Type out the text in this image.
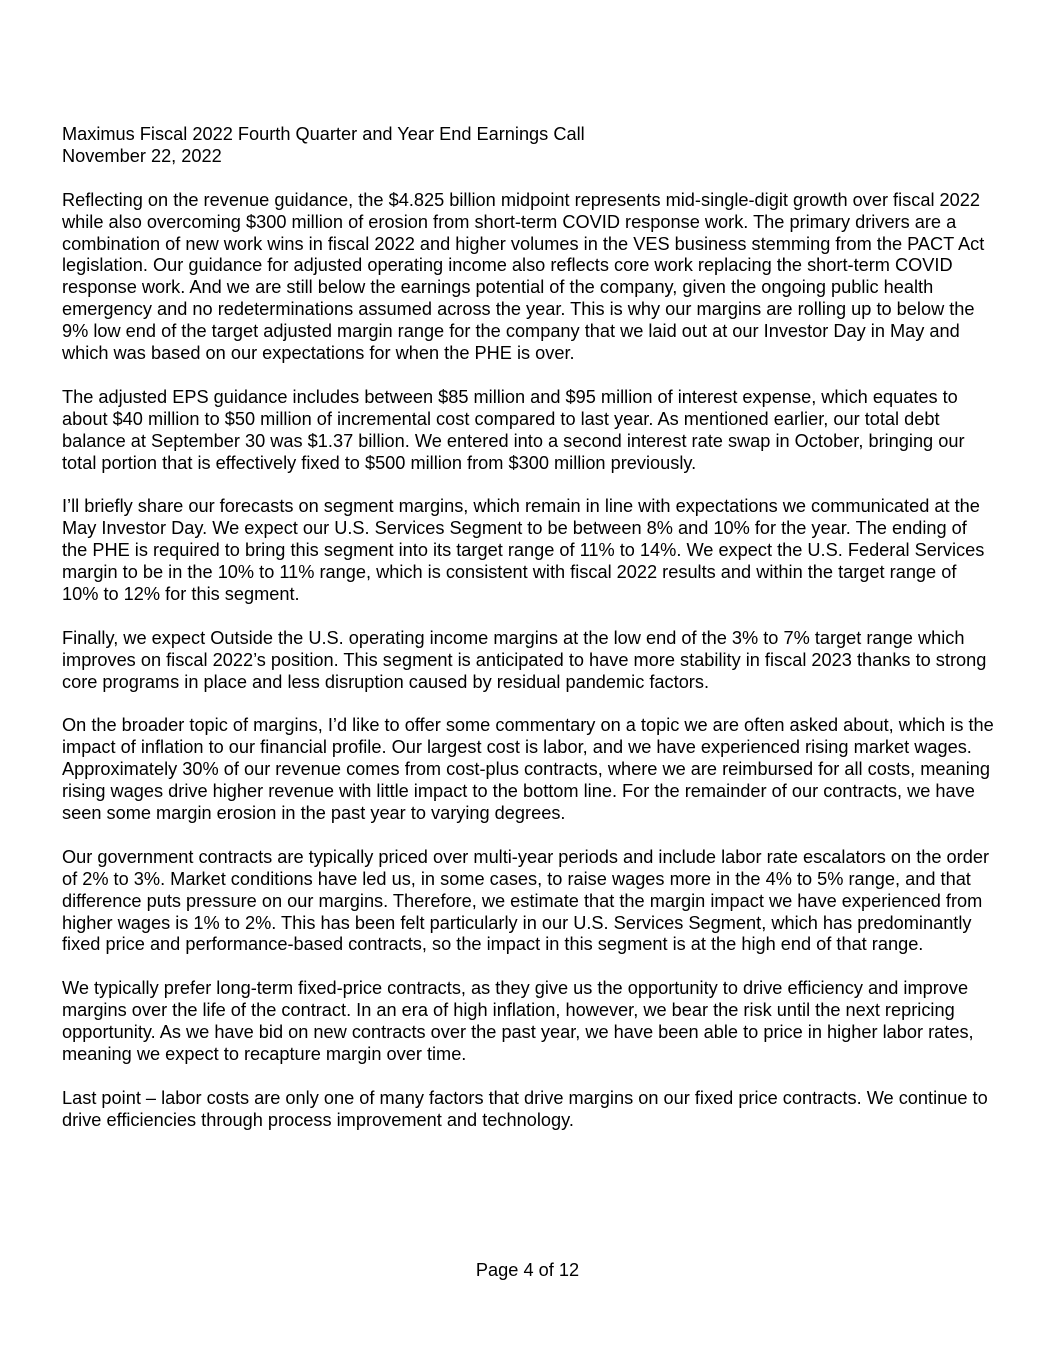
Maximus Fiscal 2022 Fourth Quarter and Year End Earnings Call

November 22, 2022

Reflecting on the revenue guidance, the $4.825 billion midpoint represents mid-single-digit growth over fiscal 2022 while also overcoming $300 million of erosion from short-term COVID response work. The primary drivers are a combination of new work wins in fiscal 2022 and higher volumes in the VES business stemming from the PACT Act legislation. Our guidance for adjusted operating income also reflects core work replacing the short-term COVID response work. And we are still below the earnings potential of the company, given the ongoing public health emergency and no redeterminations assumed across the year. This is why our margins are rolling up to below the 9% low end of the target adjusted margin range for the company that we laid out at our Investor Day in May and which was based on our expectations for when the PHE is over.

The adjusted EPS guidance includes between $85 million and $95 million of interest expense, which equates to about $40 million to $50 million of incremental cost compared to last year. As mentioned earlier, our total debt balance at September 30 was $1.37 billion. We entered into a second interest rate swap in October, bringing our total portion that is effectively fixed to $500 million from $300 million previously.

I’ll briefly share our forecasts on segment margins, which remain in line with expectations we communicated at the May Investor Day. We expect our U.S. Services Segment to be between 8% and 10% for the year. The ending of the PHE is required to bring this segment into its target range of 11% to 14%. We expect the U.S. Federal Services margin to be in the 10% to 11% range, which is consistent with fiscal 2022 results and within the target range of 10% to 12% for this segment.

Finally, we expect Outside the U.S. operating income margins at the low end of the 3% to 7% target range which improves on fiscal 2022’s position. This segment is anticipated to have more stability in fiscal 2023 thanks to strong core programs in place and less disruption caused by residual pandemic factors.

On the broader topic of margins, I’d like to offer some commentary on a topic we are often asked about, which is the impact of inflation to our financial profile. Our largest cost is labor, and we have experienced rising market wages. Approximately 30% of our revenue comes from cost-plus contracts, where we are reimbursed for all costs, meaning rising wages drive higher revenue with little impact to the bottom line. For the remainder of our contracts, we have seen some margin erosion in the past year to varying degrees.

Our government contracts are typically priced over multi-year periods and include labor rate escalators on the order of 2% to 3%. Market conditions have led us, in some cases, to raise wages more in the 4% to 5% range, and that difference puts pressure on our margins. Therefore, we estimate that the margin impact we have experienced from higher wages is 1% to 2%. This has been felt particularly in our U.S. Services Segment, which has predominantly fixed price and performance-based contracts, so the impact in this segment is at the high end of that range.

We typically prefer long-term fixed-price contracts, as they give us the opportunity to drive efficiency and improve margins over the life of the contract. In an era of high inflation, however, we bear the risk until the next repricing opportunity. As we have bid on new contracts over the past year, we have been able to price in higher labor rates, meaning we expect to recapture margin over time.

Last point – labor costs are only one of many factors that drive margins on our fixed price contracts. We continue to drive efficiencies through process improvement and technology.

Page 4 of 12
